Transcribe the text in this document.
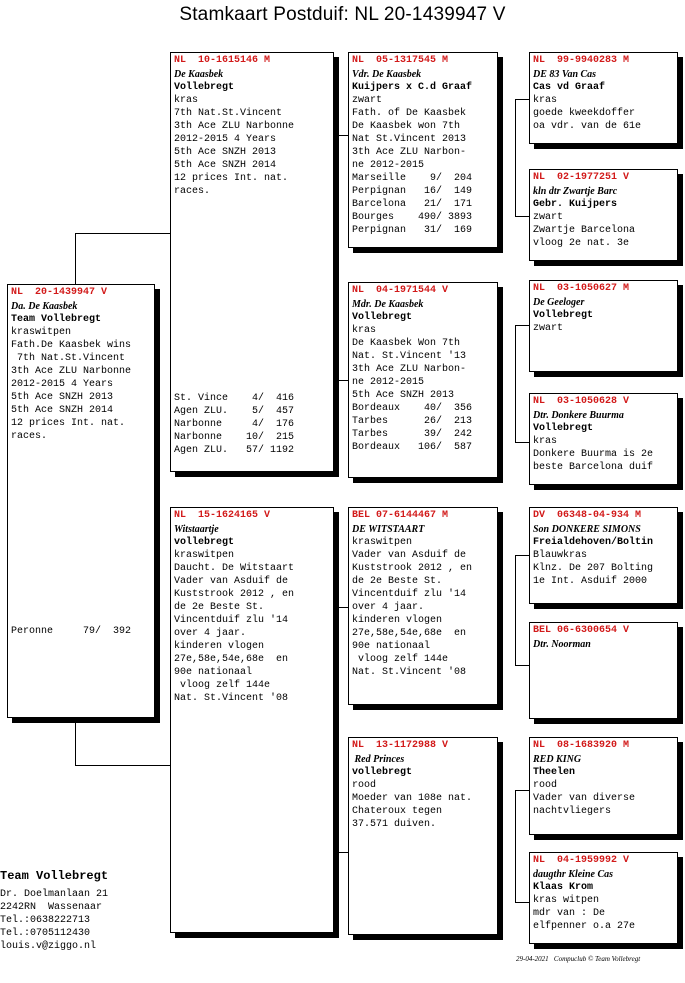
Stamkaart Postduif: NL 20-1439947 V
NL  20-1439947 V
Da. De Kaasbek
Team Vollebregt
kraswitpen
Fath.De Kaasbek wins
7th Nat.St.Vincent
3th Ace ZLU Narbonne
2012-2015 4 Years
5th Ace SNZH 2013
5th Ace SNZH 2014
12 prices Int. nat.
races.
Peronne     79/  392
NL  10-1615146 M
De Kaasbek
Vollebregt
kras
7th Nat.St.Vincent
3th Ace ZLU Narbonne
2012-2015 4 Years
5th Ace SNZH 2013
5th Ace SNZH 2014
12 prices Int. nat.
races.
St. Vince    4/  416
Agen ZLU.    5/  457
Narbonne     4/  176
Narbonne    10/  215
Agen ZLU.   57/ 1192
NL  15-1624165 V
Witstaartje
vollebregt
kraswitpen
Daucht. De Witstaart
Vader van Asduif de
Kuststrook 2012 , en
de 2e Beste St.
Vincentduif zlu '14
over 4 jaar.
kinderen vlogen
27e,58e,54e,68e  en
90e nationaal
vloog zelf 144e
Nat. St.Vincent '08
NL  05-1317545 M
Vdr. De Kaasbek
Kuijpers x C.d Graaf
zwart
Fath. of De Kaasbek
De Kaasbek won 7th
Nat St.Vincent 2013
3th Ace ZLU Narbon-
ne 2012-2015
Marseille    9/  204
Perpignan   16/  149
Barcelona   21/  171
Bourges    490/ 3893
Perpignan   31/  169
NL  04-1971544 V
Mdr. De Kaasbek
Vollebregt
kras
De Kaasbek Won 7th
Nat. St.Vincent '13
3th Ace ZLU Narbon-
ne 2012-2015
5th Ace SNZH 2013
Bordeaux    40/  356
Tarbes      26/  213
Tarbes      39/  242
Bordeaux   106/  587
BEL 07-6144467 M
DE WITSTAART
kraswitpen
Vader van Asduif de
Kuststrook 2012 , en
de 2e Beste St.
Vincentduif zlu '14
over 4 jaar.
kinderen vlogen
27e,58e,54e,68e  en
90e nationaal
vloog zelf 144e
Nat. St.Vincent '08
NL  13-1172988 V
Red Princes
vollebregt
rood
Moeder van 108e nat.
Chateroux tegen
37.571 duiven.
NL  99-9940283 M
DE 83 Van Cas
Cas vd Graaf
kras
goede kweekdoffer
oa vdr. van de 61e
NL  02-1977251 V
kln dtr Zwartje Barc
Gebr. Kuijpers
zwart
Zwartje Barcelona
vloog 2e nat. 3e
NL  03-1050627 M
De Geeloger
Vollebregt
zwart
NL  03-1050628 V
Dtr. Donkere Buurma
Vollebregt
kras
Donkere Buurma is 2e
beste Barcelona duif
DV  06348-04-934 M
Son DONKERE SIMONS
Freialdehoven/Boltin
Blauwkras
Klnz. De 207 Bolting
1e Int. Asduif 2000
BEL 06-6300654 V
Dtr. Noorman
NL  08-1683920 M
RED KING
Theelen
rood
Vader van diverse
nachtvliegers
NL  04-1959992 V
daugthr Kleine Cas
Klaas Krom
kras witpen
mdr van : De
elfpenner o.a 27e
Team Vollebregt
Dr. Doelmanlaan 21
2242RN  Wassenaar
Tel.:0638222713
Tel.:0705112430
louis.v@ziggo.nl
29-04-2021   Compuclub © Team Vollebregt
